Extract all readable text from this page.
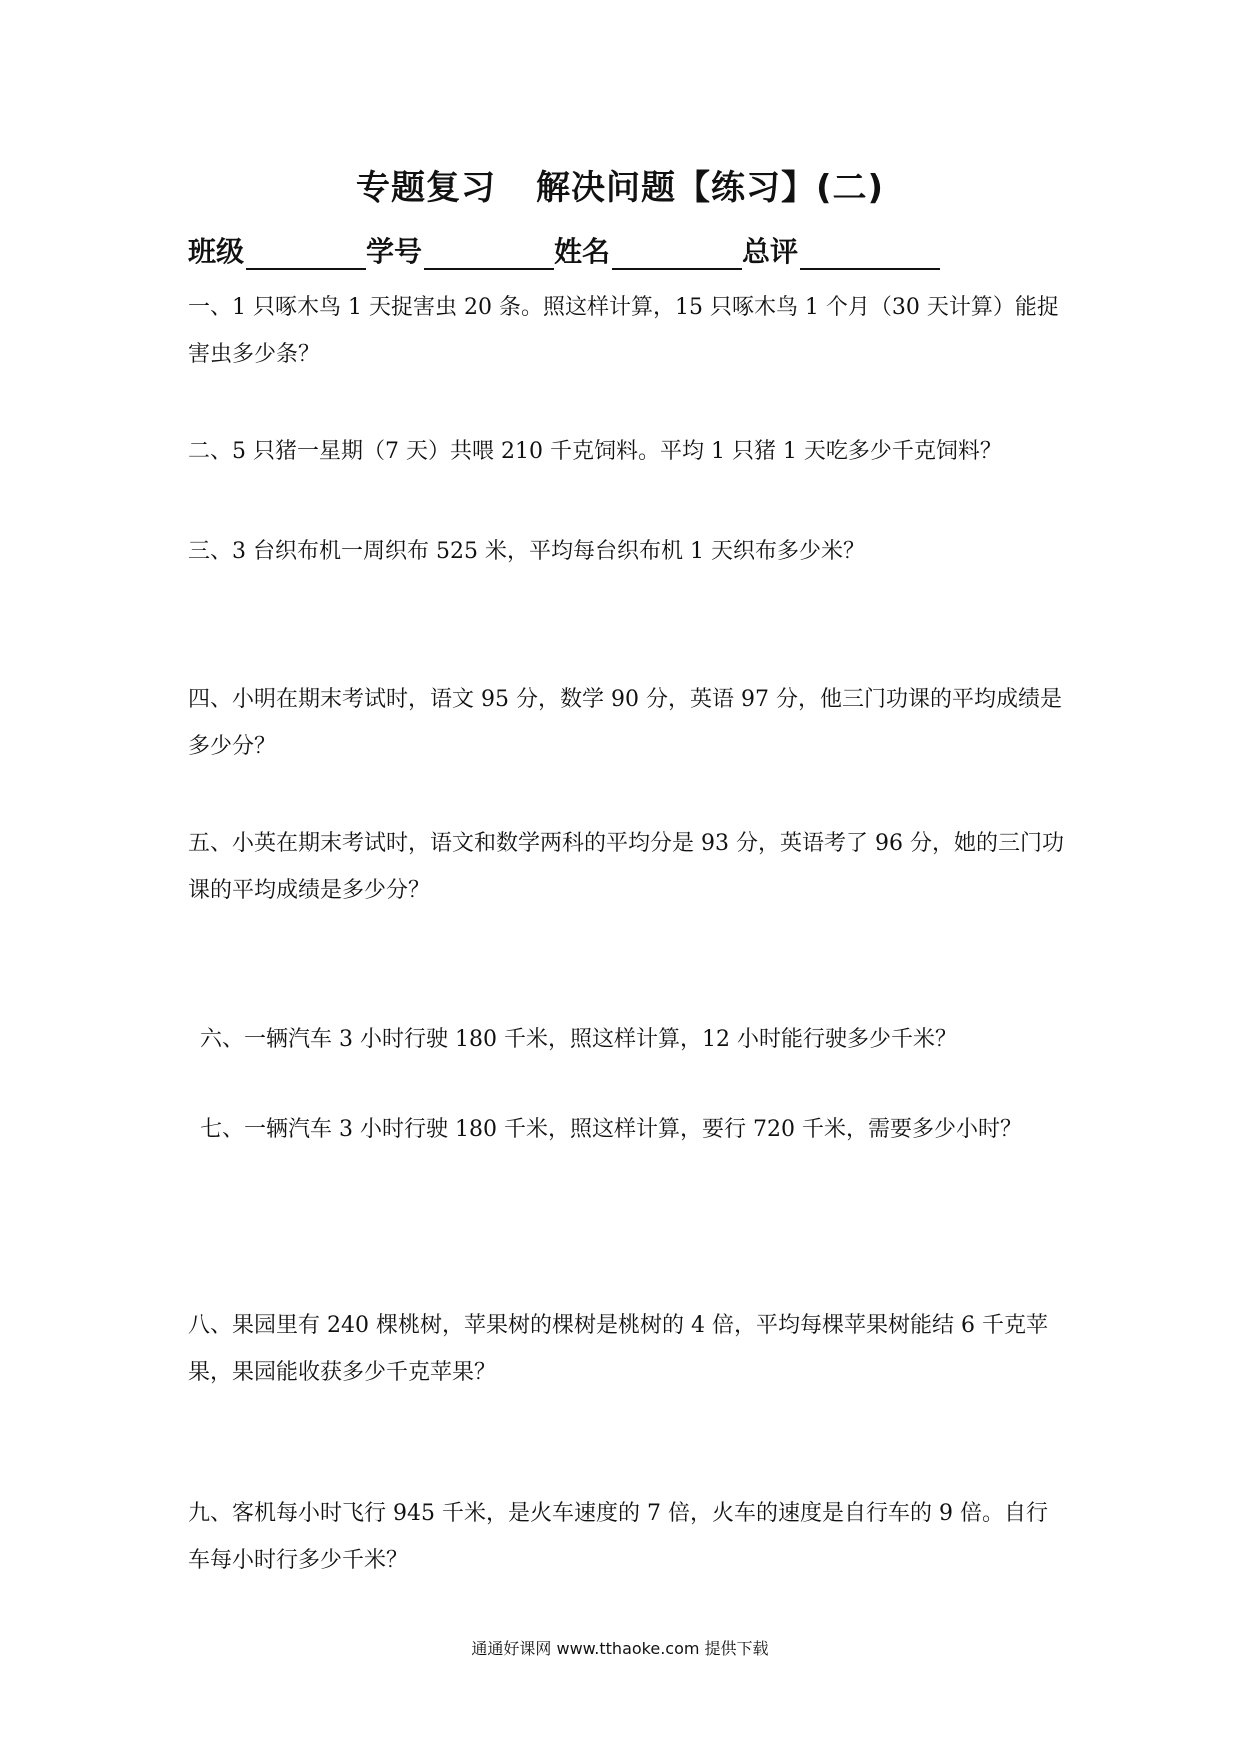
专题复习 解决问题【练习】(二)
班级	学号	姓名	总评
一、1 只啄木鸟 1 天捉害虫 20 条。照这样计算，15 只啄木鸟 1 个月（30 天计算）能捉害虫多少条？
二、5 只猪一星期（7 天）共喂 210 千克饲料。平均 1 只猪 1 天吃多少千克饲料？
三、3 台织布机一周织布 525 米，平均每台织布机 1 天织布多少米？
四、小明在期末考试时，语文 95 分，数学 90 分，英语 97 分，他三门功课的平均成绩是多少分？
五、小英在期末考试时，语文和数学两科的平均分是 93 分，英语考了 96 分，她的三门功课的平均成绩是多少分？
六、一辆汽车 3 小时行驶 180 千米，照这样计算，12 小时能行驶多少千米？
七、一辆汽车 3 小时行驶 180 千米，照这样计算，要行 720 千米，需要多少小时？
八、果园里有 240 棵桃树，苹果树的棵树是桃树的 4 倍，平均每棵苹果树能结 6 千克苹果，果园能收获多少千克苹果？
九、客机每小时飞行 945 千米，是火车速度的 7 倍，火车的速度是自行车的 9 倍。自行车每小时行多少千米？
通通好课网 www.tthaoke.com 提供下载
